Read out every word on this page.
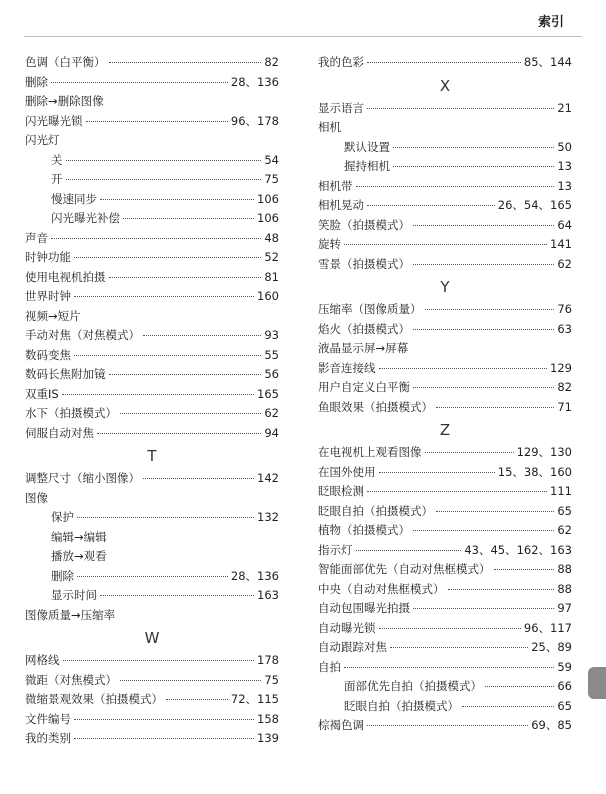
索引
色调（白平衡）	82
删除	28、136
删除→删除图像
闪光曝光锁	96、178
闪光灯
关	54
开	75
慢速同步	106
闪光曝光补偿	106
声音	48
时钟功能	52
使用电视机拍摄	81
世界时钟	160
视频→短片
手动对焦（对焦模式）	93
数码变焦	55
数码长焦附加镜	56
双重IS	165
水下（拍摄模式）	62
伺服自动对焦	94
T
调整尺寸（缩小图像）	142
图像
保护	132
编辑→编辑
播放→观看
删除	28、136
显示时间	163
图像质量→压缩率
W
网格线	178
微距（对焦模式）	75
微缩景观效果（拍摄模式）	72、115
文件编号	158
我的类别	139
我的色彩	85、144
X
显示语言	21
相机
默认设置	50
握持相机	13
相机带	13
相机晃动	26、54、165
笑脸（拍摄模式）	64
旋转	141
雪景（拍摄模式）	62
Y
压缩率（图像质量）	76
焰火（拍摄模式）	63
液晶显示屏→屏幕
影音连接线	129
用户自定义白平衡	82
鱼眼效果（拍摄模式）	71
Z
在电视机上观看图像	129、130
在国外使用	15、38、160
眨眼检测	111
眨眼自拍（拍摄模式）	65
植物（拍摄模式）	62
指示灯	43、45、162、163
智能面部优先（自动对焦框模式）	88
中央（自动对焦框模式）	88
自动包围曝光拍摄	97
自动曝光锁	96、117
自动跟踪对焦	25、89
自拍	59
面部优先自拍（拍摄模式）	66
眨眼自拍（拍摄模式）	65
棕褐色调	69、85
